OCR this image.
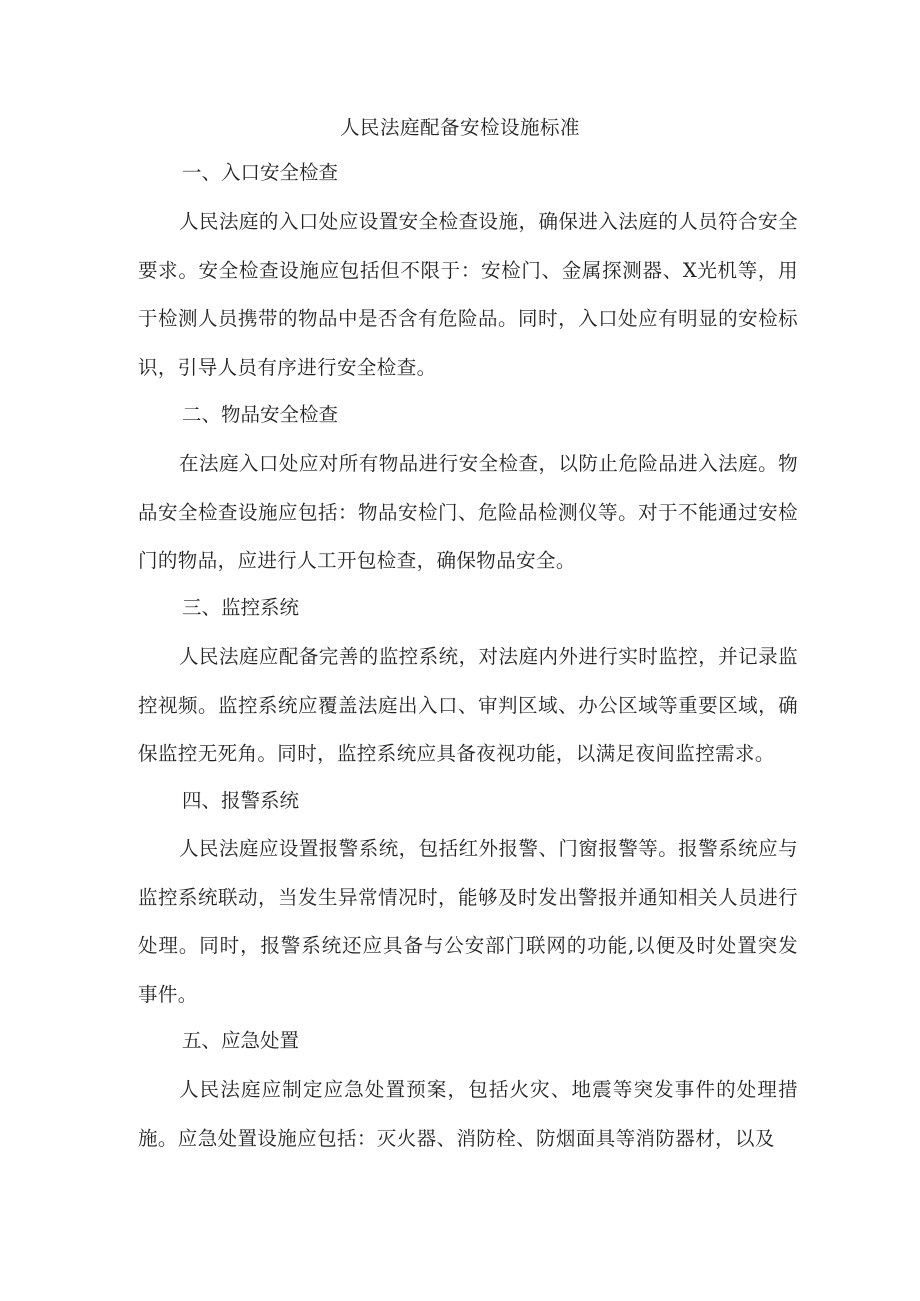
人民法庭配备安检设施标准
一、入口安全检查
人民法庭的入口处应设置安全检查设施，确保进入法庭的人员符合安全要求。安全检查设施应包括但不限于：安检门、金属探测器、X光机等，用于检测人员携带的物品中是否含有危险品。同时，入口处应有明显的安检标识，引导人员有序进行安全检查。
二、物品安全检查
在法庭入口处应对所有物品进行安全检查，以防止危险品进入法庭。物品安全检查设施应包括：物品安检门、危险品检测仪等。对于不能通过安检门的物品，应进行人工开包检查，确保物品安全。
三、监控系统
人民法庭应配备完善的监控系统，对法庭内外进行实时监控，并记录监控视频。监控系统应覆盖法庭出入口、审判区域、办公区域等重要区域，确保监控无死角。同时，监控系统应具备夜视功能，以满足夜间监控需求。
四、报警系统
人民法庭应设置报警系统，包括红外报警、门窗报警等。报警系统应与监控系统联动，当发生异常情况时，能够及时发出警报并通知相关人员进行处理。同时，报警系统还应具备与公安部门联网的功能,以便及时处置突发事件。
五、应急处置
人民法庭应制定应急处置预案，包括火灾、地震等突发事件的处理措施。应急处置设施应包括：灭火器、消防栓、防烟面具等消防器材，以及
